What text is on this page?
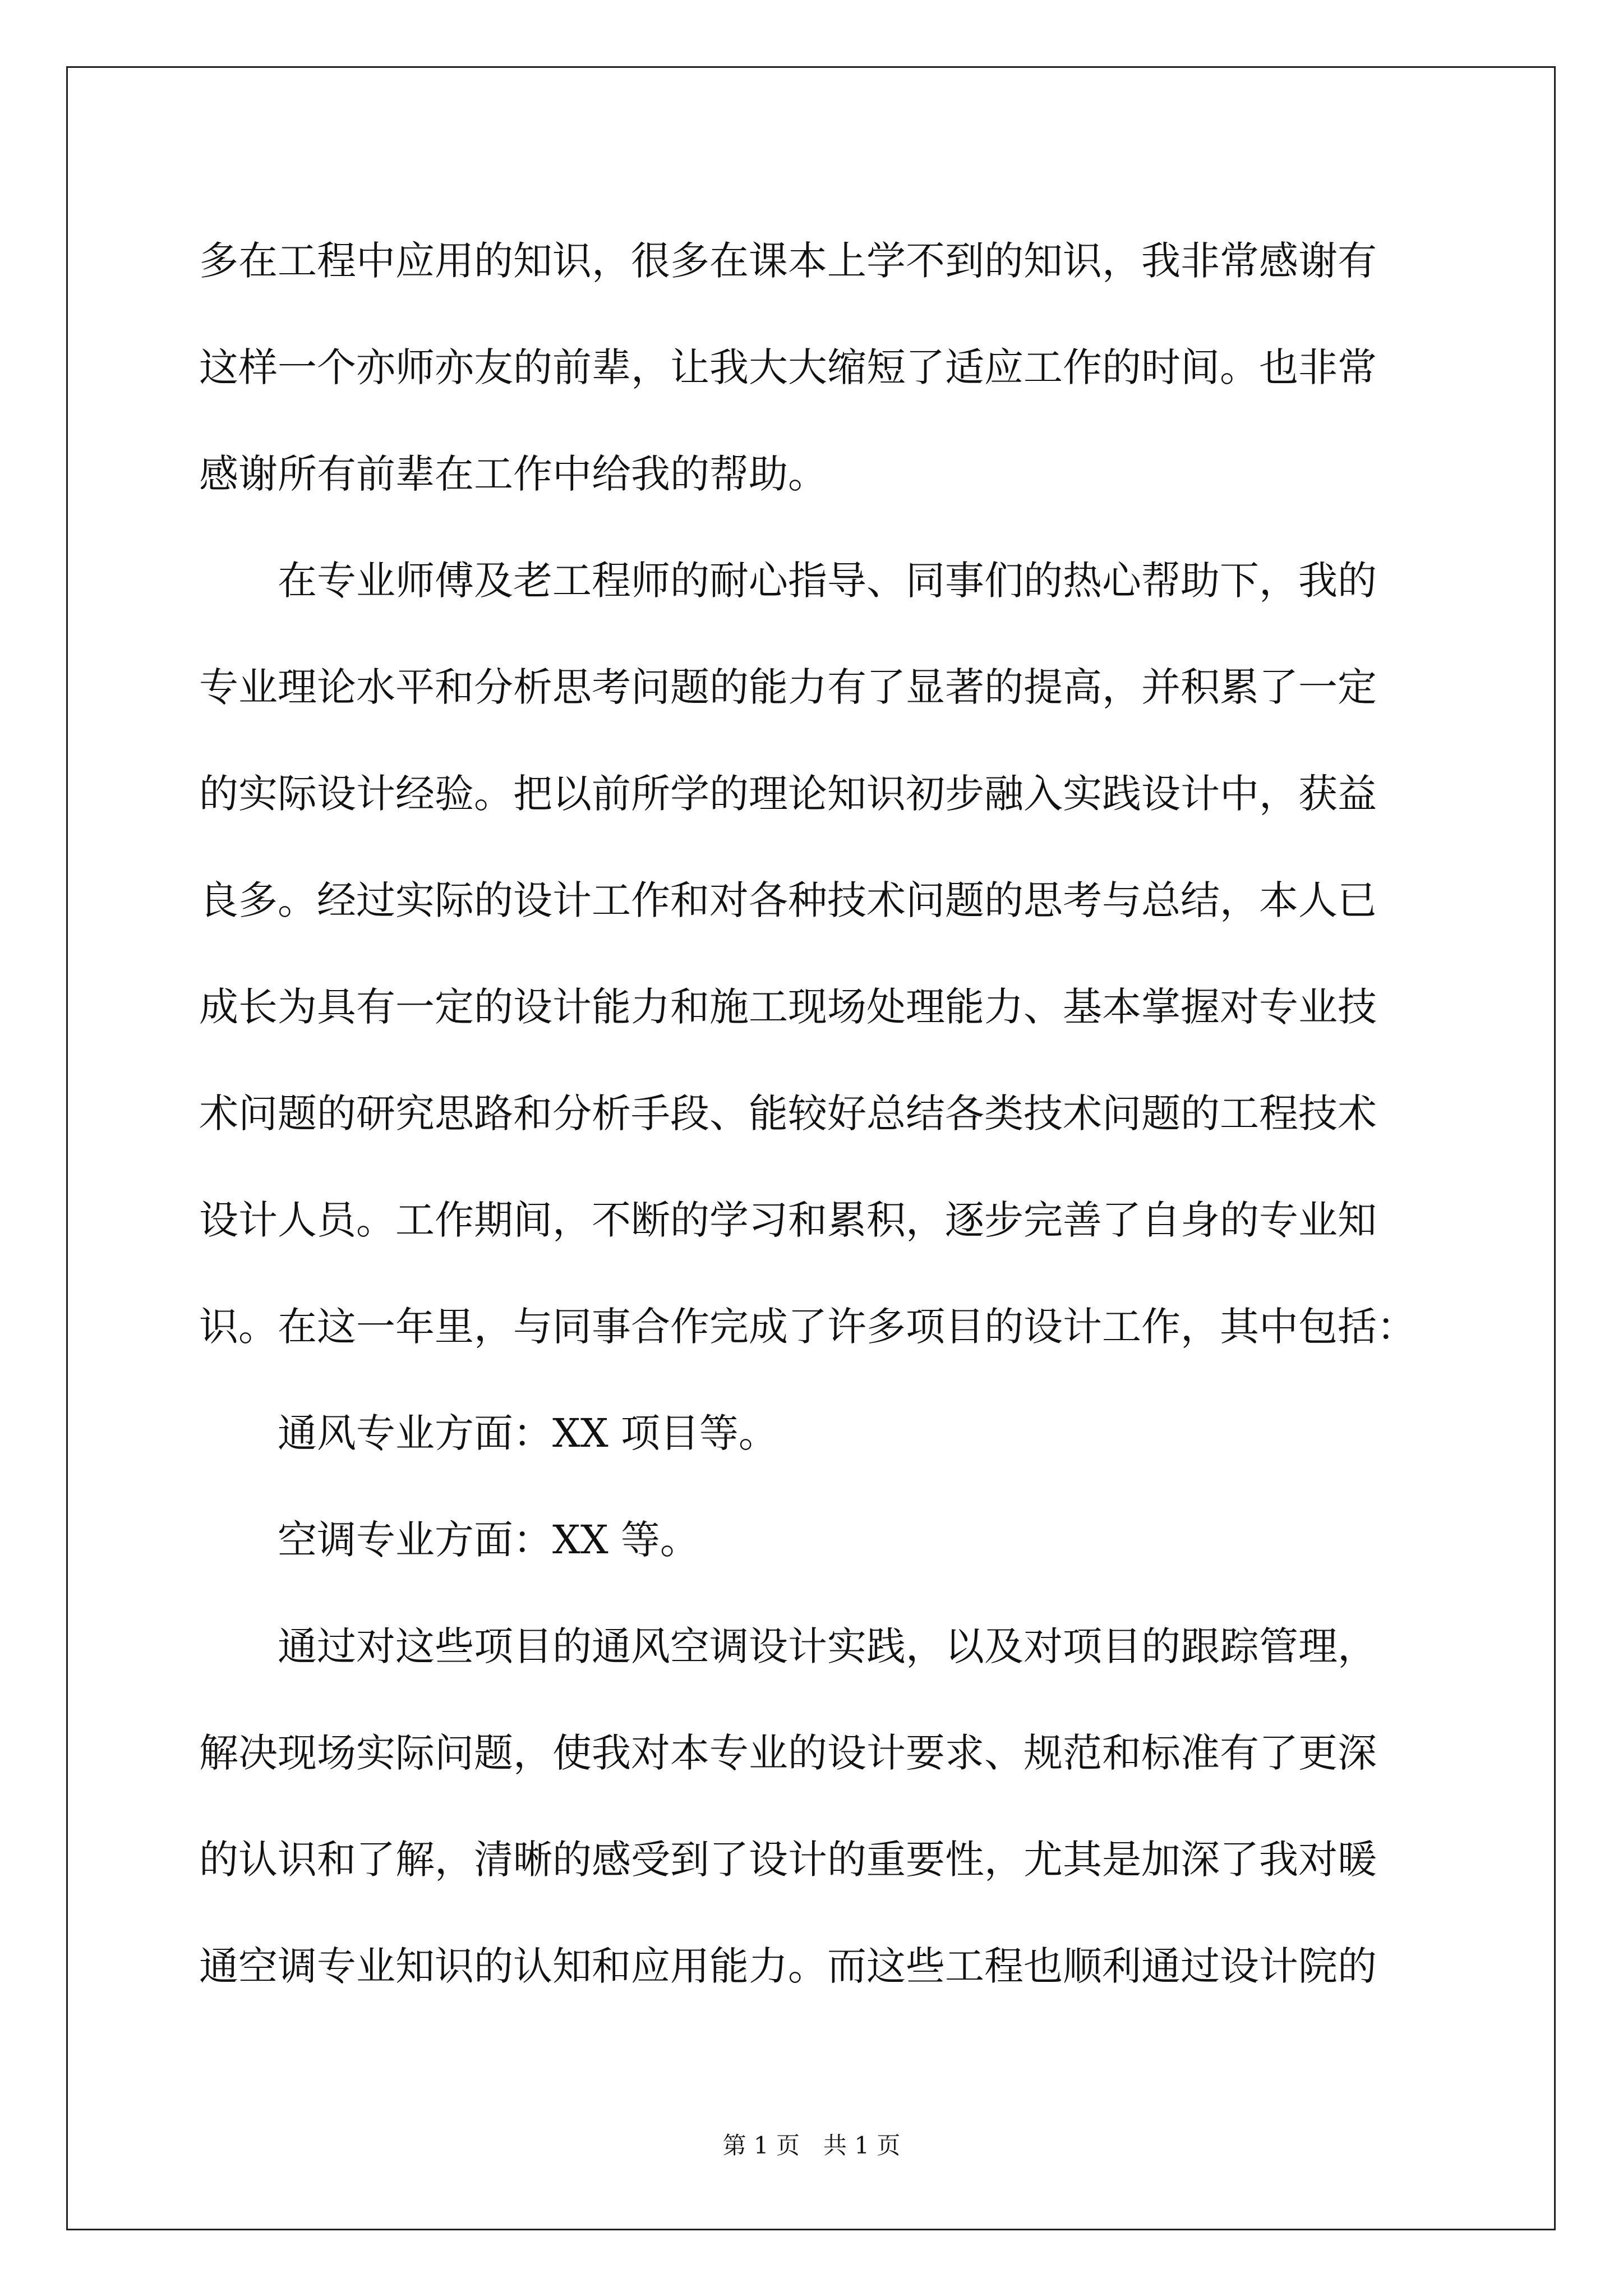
多在工程中应用的知识，很多在课本上学不到的知识，我非常感谢有
这样一个亦师亦友的前辈，让我大大缩短了适应工作的时间。也非常
感谢所有前辈在工作中给我的帮助。
　　在专业师傅及老工程师的耐心指导、同事们的热心帮助下，我的
专业理论水平和分析思考问题的能力有了显著的提高，并积累了一定
的实际设计经验。把以前所学的理论知识初步融入实践设计中，获益
良多。经过实际的设计工作和对各种技术问题的思考与总结，本人已
成长为具有一定的设计能力和施工现场处理能力、基本掌握对专业技
术问题的研究思路和分析手段、能较好总结各类技术问题的工程技术
设计人员。工作期间，不断的学习和累积，逐步完善了自身的专业知
识。在这一年里，与同事合作完成了许多项目的设计工作，其中包括：
　　通风专业方面：XX 项目等。
　　空调专业方面：XX 等。
　　通过对这些项目的通风空调设计实践，以及对项目的跟踪管理，
解决现场实际问题，使我对本专业的设计要求、规范和标准有了更深
的认识和了解，清晰的感受到了设计的重要性，尤其是加深了我对暖
通空调专业知识的认知和应用能力。而这些工程也顺利通过设计院的
第 1 页　共 1 页
